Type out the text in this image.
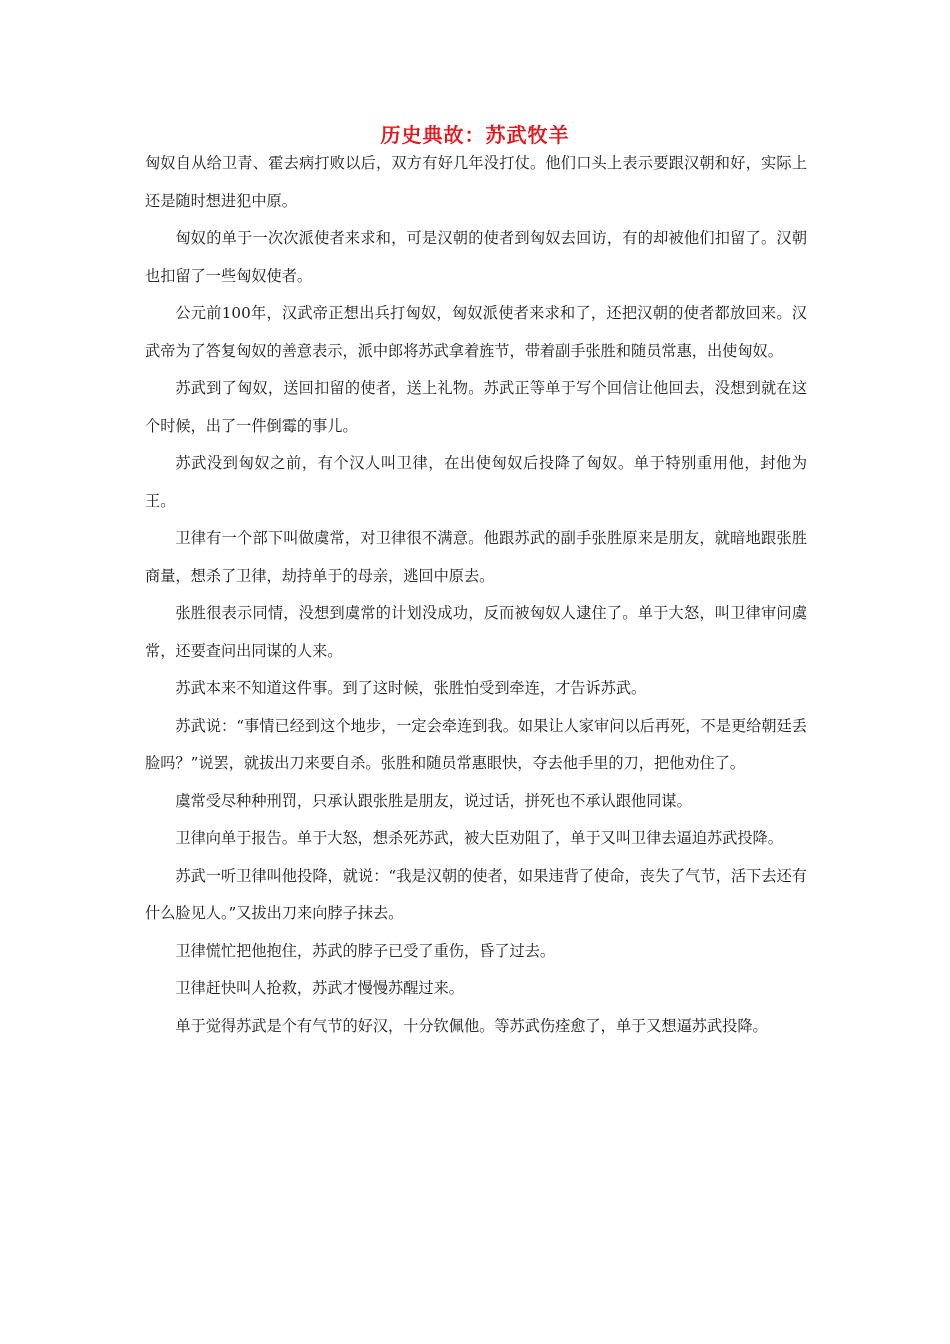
历史典故：苏武牧羊

匈奴自从给卫青、霍去病打败以后，双方有好几年没打仗。他们口头上表示要跟汉朝和好，实际上还是随时想进犯中原。

匈奴的单于一次次派使者来求和，可是汉朝的使者到匈奴去回访，有的却被他们扣留了。汉朝也扣留了一些匈奴使者。

公元前100年，汉武帝正想出兵打匈奴，匈奴派使者来求和了，还把汉朝的使者都放回来。汉武帝为了答复匈奴的善意表示，派中郎将苏武拿着旌节，带着副手张胜和随员常惠，出使匈奴。

苏武到了匈奴，送回扣留的使者，送上礼物。苏武正等单于写个回信让他回去，没想到就在这个时候，出了一件倒霉的事儿。

苏武没到匈奴之前，有个汉人叫卫律，在出使匈奴后投降了匈奴。单于特别重用他，封他为王。

卫律有一个部下叫做虞常，对卫律很不满意。他跟苏武的副手张胜原来是朋友，就暗地跟张胜商量，想杀了卫律，劫持单于的母亲，逃回中原去。

张胜很表示同情，没想到虞常的计划没成功，反而被匈奴人逮住了。单于大怒，叫卫律审问虞常，还要查问出同谋的人来。

苏武本来不知道这件事。到了这时候，张胜怕受到牵连，才告诉苏武。

苏武说：“事情已经到这个地步，一定会牵连到我。如果让人家审问以后再死，不是更给朝廷丢脸吗？”说罢，就拔出刀来要自杀。张胜和随员常惠眼快，夺去他手里的刀，把他劝住了。

虞常受尽种种刑罚，只承认跟张胜是朋友，说过话，拼死也不承认跟他同谋。

卫律向单于报告。单于大怒，想杀死苏武，被大臣劝阻了，单于又叫卫律去逼迫苏武投降。

苏武一听卫律叫他投降，就说：“我是汉朝的使者，如果违背了使命，丧失了气节，活下去还有什么脸见人。”又拔出刀来向脖子抹去。

卫律慌忙把他抱住，苏武的脖子已受了重伤，昏了过去。

卫律赶快叫人抢救，苏武才慢慢苏醒过来。

单于觉得苏武是个有气节的好汉，十分钦佩他。等苏武伤痊愈了，单于又想逼苏武投降。
